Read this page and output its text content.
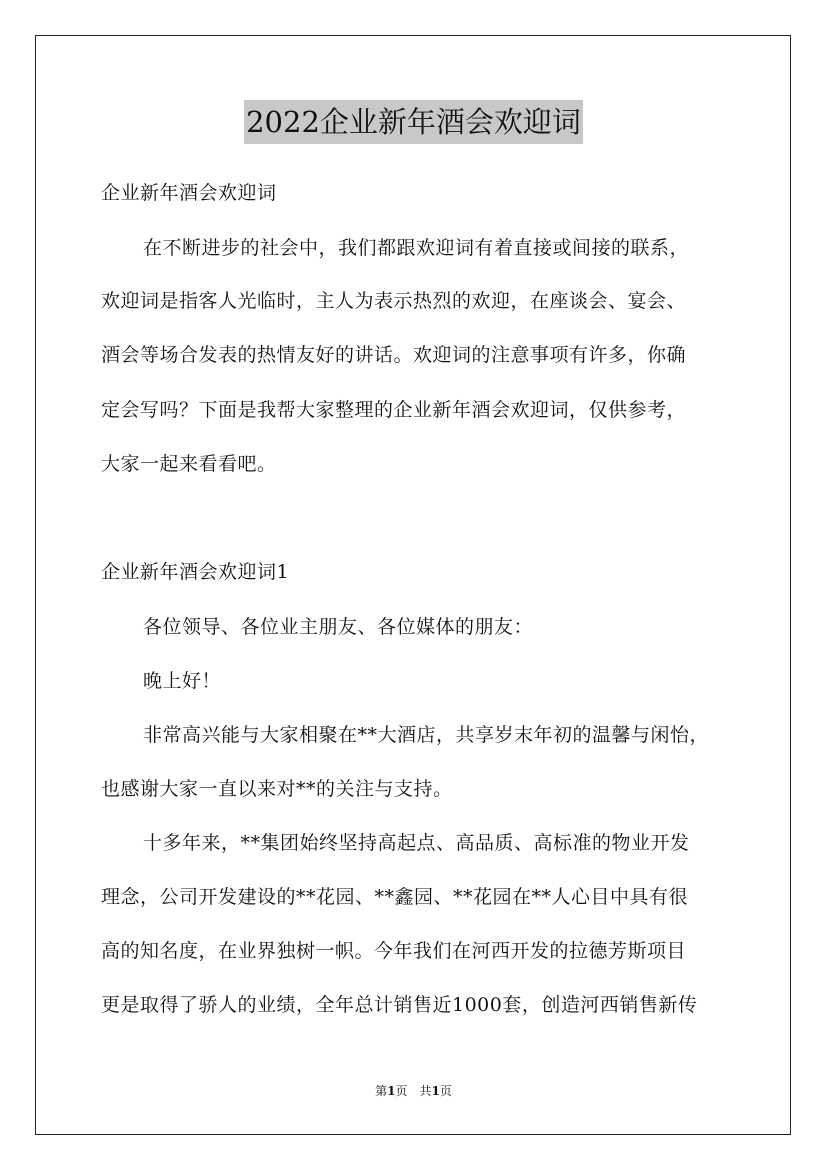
2022企业新年酒会欢迎词
企业新年酒会欢迎词
在不断进步的社会中，我们都跟欢迎词有着直接或间接的联系，
欢迎词是指客人光临时，主人为表示热烈的欢迎，在座谈会、宴会、
酒会等场合发表的热情友好的讲话。欢迎词的注意事项有许多，你确
定会写吗？下面是我帮大家整理的企业新年酒会欢迎词，仅供参考，
大家一起来看看吧。
企业新年酒会欢迎词1
各位领导、各位业主朋友、各位媒体的朋友：
晚上好！
非常高兴能与大家相聚在**大酒店，共享岁末年初的温馨与闲怡，
也感谢大家一直以来对**的关注与支持。
十多年来，**集团始终坚持高起点、高品质、高标准的物业开发
理念，公司开发建设的**花园、**鑫园、**花园在**人心目中具有很
高的知名度，在业界独树一帜。今年我们在河西开发的拉德芳斯项目
更是取得了骄人的业绩，全年总计销售近1000套，创造河西销售新传
第1页　共1页
